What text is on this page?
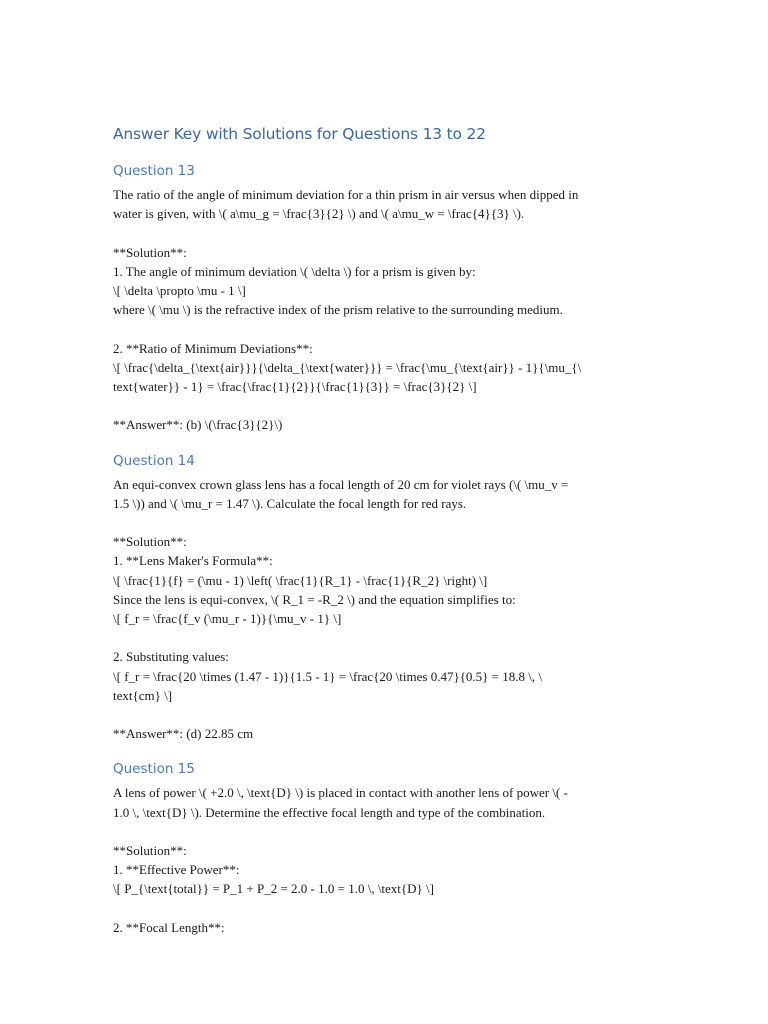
Answer Key with Solutions for Questions 13 to 22
Question 13
The ratio of the angle of minimum deviation for a thin prism in air versus when dipped in
water is given, with \( a\mu_g = \frac{3}{2} \) and \( a\mu_w = \frac{4}{3} \).
**Solution**:
1. The angle of minimum deviation \( \delta \) for a prism is given by:
\[ \delta \propto \mu - 1 \]
where \( \mu \) is the refractive index of the prism relative to the surrounding medium.
2. **Ratio of Minimum Deviations**:
\[ \frac{\delta_{\text{air}}}{\delta_{\text{water}}} = \frac{\mu_{\text{air}} - 1}{\mu_{\
text{water}} - 1} = \frac{\frac{1}{2}}{\frac{1}{3}} = \frac{3}{2} \]
**Answer**: (b) \(\frac{3}{2}\)
Question 14
An equi-convex crown glass lens has a focal length of 20 cm for violet rays (\( \mu_v =
1.5 \)) and \( \mu_r = 1.47 \). Calculate the focal length for red rays.
**Solution**:
1. **Lens Maker's Formula**:
\[ \frac{1}{f} = (\mu - 1) \left( \frac{1}{R_1} - \frac{1}{R_2} \right) \]
Since the lens is equi-convex, \( R_1 = -R_2 \) and the equation simplifies to:
\[ f_r = \frac{f_v (\mu_r - 1)}{\mu_v - 1} \]
2. Substituting values:
\[ f_r = \frac{20 \times (1.47 - 1)}{1.5 - 1} = \frac{20 \times 0.47}{0.5} = 18.8 \, \
text{cm} \]
**Answer**: (d) 22.85 cm
Question 15
A lens of power \( +2.0 \, \text{D} \) is placed in contact with another lens of power \( -
1.0 \, \text{D} \). Determine the effective focal length and type of the combination.
**Solution**:
1. **Effective Power**:
\[ P_{\text{total}} = P_1 + P_2 = 2.0 - 1.0 = 1.0 \, \text{D} \]
2. **Focal Length**:
